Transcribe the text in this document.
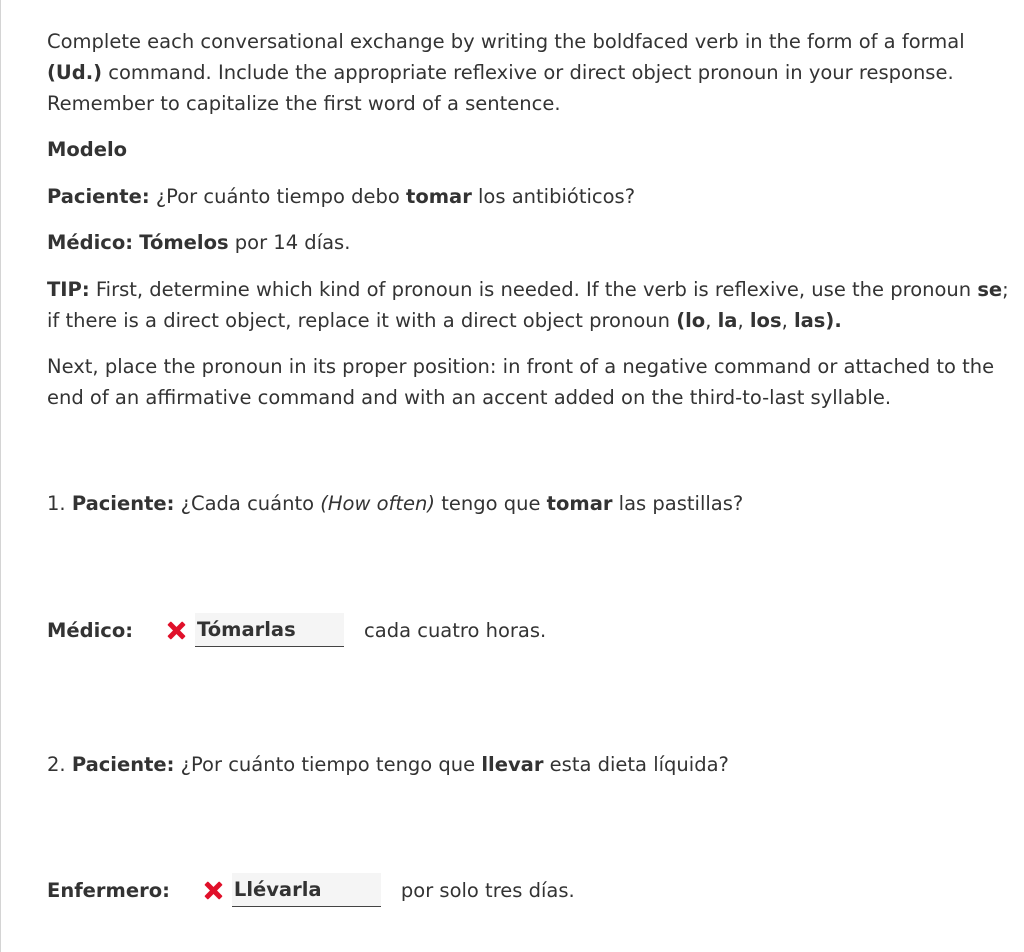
Complete each conversational exchange by writing the boldfaced verb in the form of a formal (Ud.) command. Include the appropriate reflexive or direct object pronoun in your response. Remember to capitalize the first word of a sentence.

Modelo

Paciente: ¿Por cuánto tiempo debo tomar los antibióticos?

Médico: Tómelos por 14 días.

TIP: First, determine which kind of pronoun is needed. If the verb is reflexive, use the pronoun se; if there is a direct object, replace it with a direct object pronoun (lo, la, los, las).

Next, place the pronoun in its proper position: in front of a negative command or attached to the end of an affirmative command and with an accent added on the third-to-last syllable.

1. Paciente: ¿Cada cuánto (How often) tengo que tomar las pastillas?

Médico:	Tómarlas	cada cuatro horas.

2. Paciente: ¿Por cuánto tiempo tengo que llevar esta dieta líquida?

Enfermero:	Llévarla	por solo tres días.
